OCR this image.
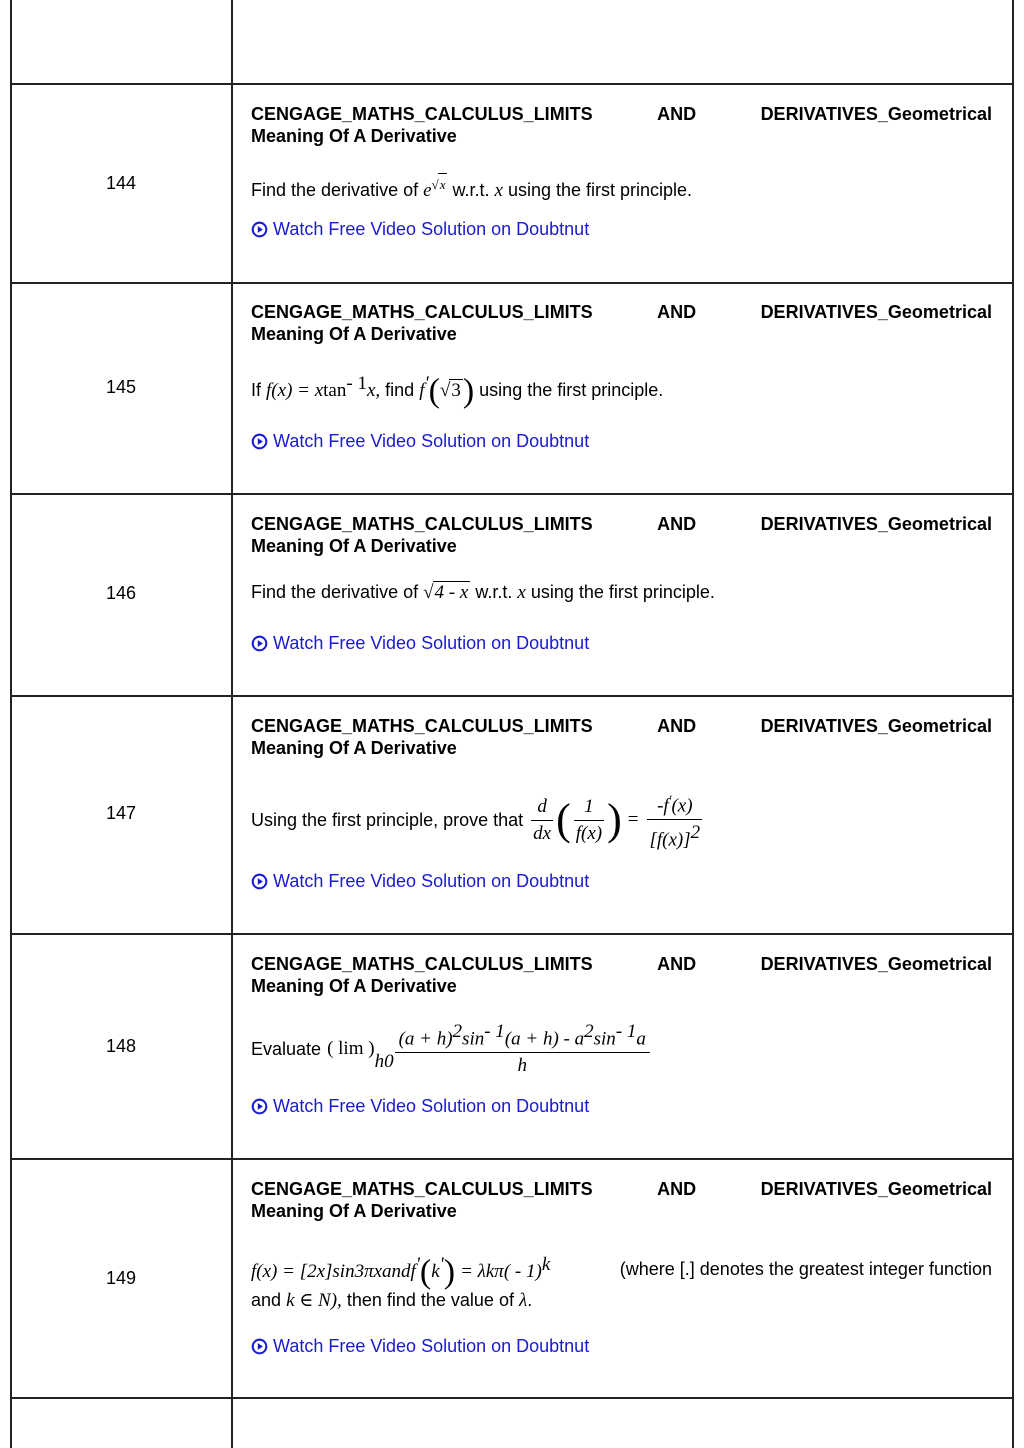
144
CENGAGE_MATHS_CALCULUS_LIMITS	AND	DERIVATIVES_Geometrical
Meaning Of A Derivative
Find the derivative of $e^{√x}$ w.r.t. x using the first principle.
Watch Free Video Solution on Doubtnut
145
CENGAGE_MATHS_CALCULUS_LIMITS	AND	DERIVATIVES_Geometrical
Meaning Of A Derivative
If f(x) = xtan$^{- 1}$x, find f'(√3) using the first principle.
Watch Free Video Solution on Doubtnut
146
CENGAGE_MATHS_CALCULUS_LIMITS	AND	DERIVATIVES_Geometrical
Meaning Of A Derivative
Find the derivative of √4 - x w.r.t. x using the first principle.
Watch Free Video Solution on Doubtnut
147
CENGAGE_MATHS_CALCULUS_LIMITS	AND	DERIVATIVES_Geometrical
Meaning Of A Derivative
Using the first principle, prove that $\frac{d}{dx}$ ( $\frac{1}{f(x)}$ ) = $\frac{-f'(x)}{[f(x)]^2}$
Watch Free Video Solution on Doubtnut
148
CENGAGE_MATHS_CALCULUS_LIMITS	AND	DERIVATIVES_Geometrical
Meaning Of A Derivative
Evaluate ( lim )
$h0 \frac{(a + h)^2\sin^{- 1}(a + h) - a^2\sin^{- 1}a}{h}$
Watch Free Video Solution on Doubtnut
149
CENGAGE_MATHS_CALCULUS_LIMITS	AND	DERIVATIVES_Geometrical
Meaning Of A Derivative
f(x) = [2x]sin3πxandf'(k') = λkπ( - 1)$^k$	(where [.] denotes the greatest integer function
and k ∈ N), then find the value of λ.
Watch Free Video Solution on Doubtnut
